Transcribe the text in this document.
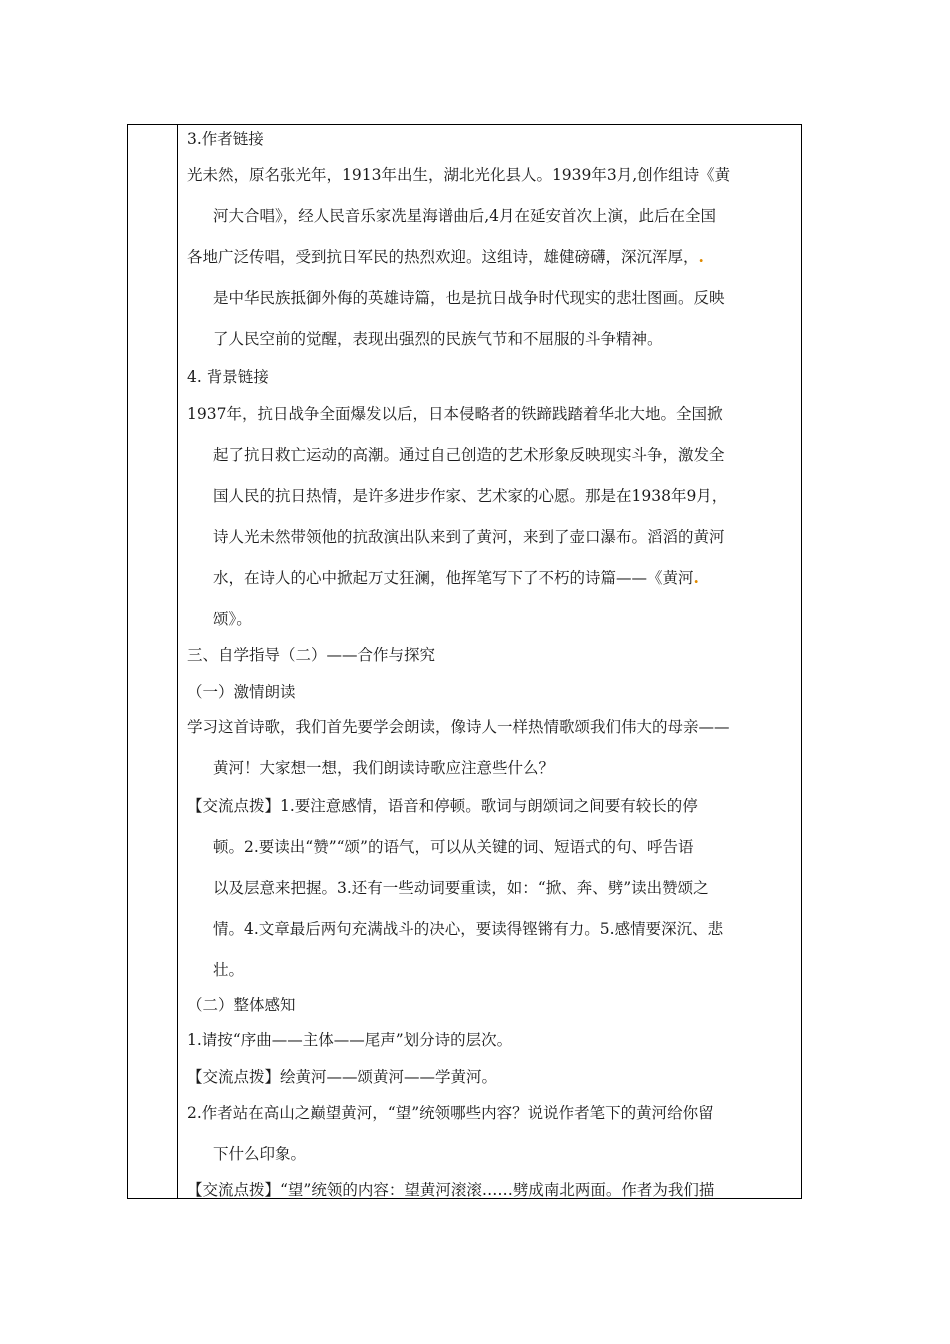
3.作者链接
光未然，原名张光年，1913年出生，湖北光化县人。1939年3月,创作组诗《黄
河大合唱》，经人民音乐家冼星海谱曲后,4月在延安首次上演，此后在全国
各地广泛传唱，受到抗日军民的热烈欢迎。这组诗，雄健磅礴，深沉浑厚，.
是中华民族抵御外侮的英雄诗篇，也是抗日战争时代现实的悲壮图画。反映
了人民空前的觉醒，表现出强烈的民族气节和不屈服的斗争精神。
4. 背景链接
1937年，抗日战争全面爆发以后，日本侵略者的铁蹄践踏着华北大地。全国掀
起了抗日救亡运动的高潮。通过自己创造的艺术形象反映现实斗争，激发全
国人民的抗日热情，是许多进步作家、艺术家的心愿。那是在1938年9月，
诗人光未然带领他的抗敌演出队来到了黄河，来到了壶口瀑布。滔滔的黄河
水，在诗人的心中掀起万丈狂澜，他挥笔写下了不朽的诗篇——《黄河.
颂》。
三、自学指导（二）——合作与探究
（一）激情朗读
学习这首诗歌，我们首先要学会朗读，像诗人一样热情歌颂我们伟大的母亲——
黄河！大家想一想，我们朗读诗歌应注意些什么？
【交流点拨】1.要注意感情，语音和停顿。歌词与朗颂词之间要有较长的停
顿。2.要读出“赞”“颂”的语气，可以从关键的词、短语式的句、呼告语
以及层意来把握。3.还有一些动词要重读，如：“掀、奔、劈”读出赞颂之
情。4.文章最后两句充满战斗的决心，要读得铿锵有力。5.感情要深沉、悲
壮。
（二）整体感知
1.请按“序曲——主体——尾声”划分诗的层次。
【交流点拨】绘黄河——颂黄河——学黄河。
2.作者站在高山之巅望黄河，“望”统领哪些内容？说说作者笔下的黄河给你留
下什么印象。
【交流点拨】“望”统领的内容：望黄河滚滚……劈成南北两面。作者为我们描
